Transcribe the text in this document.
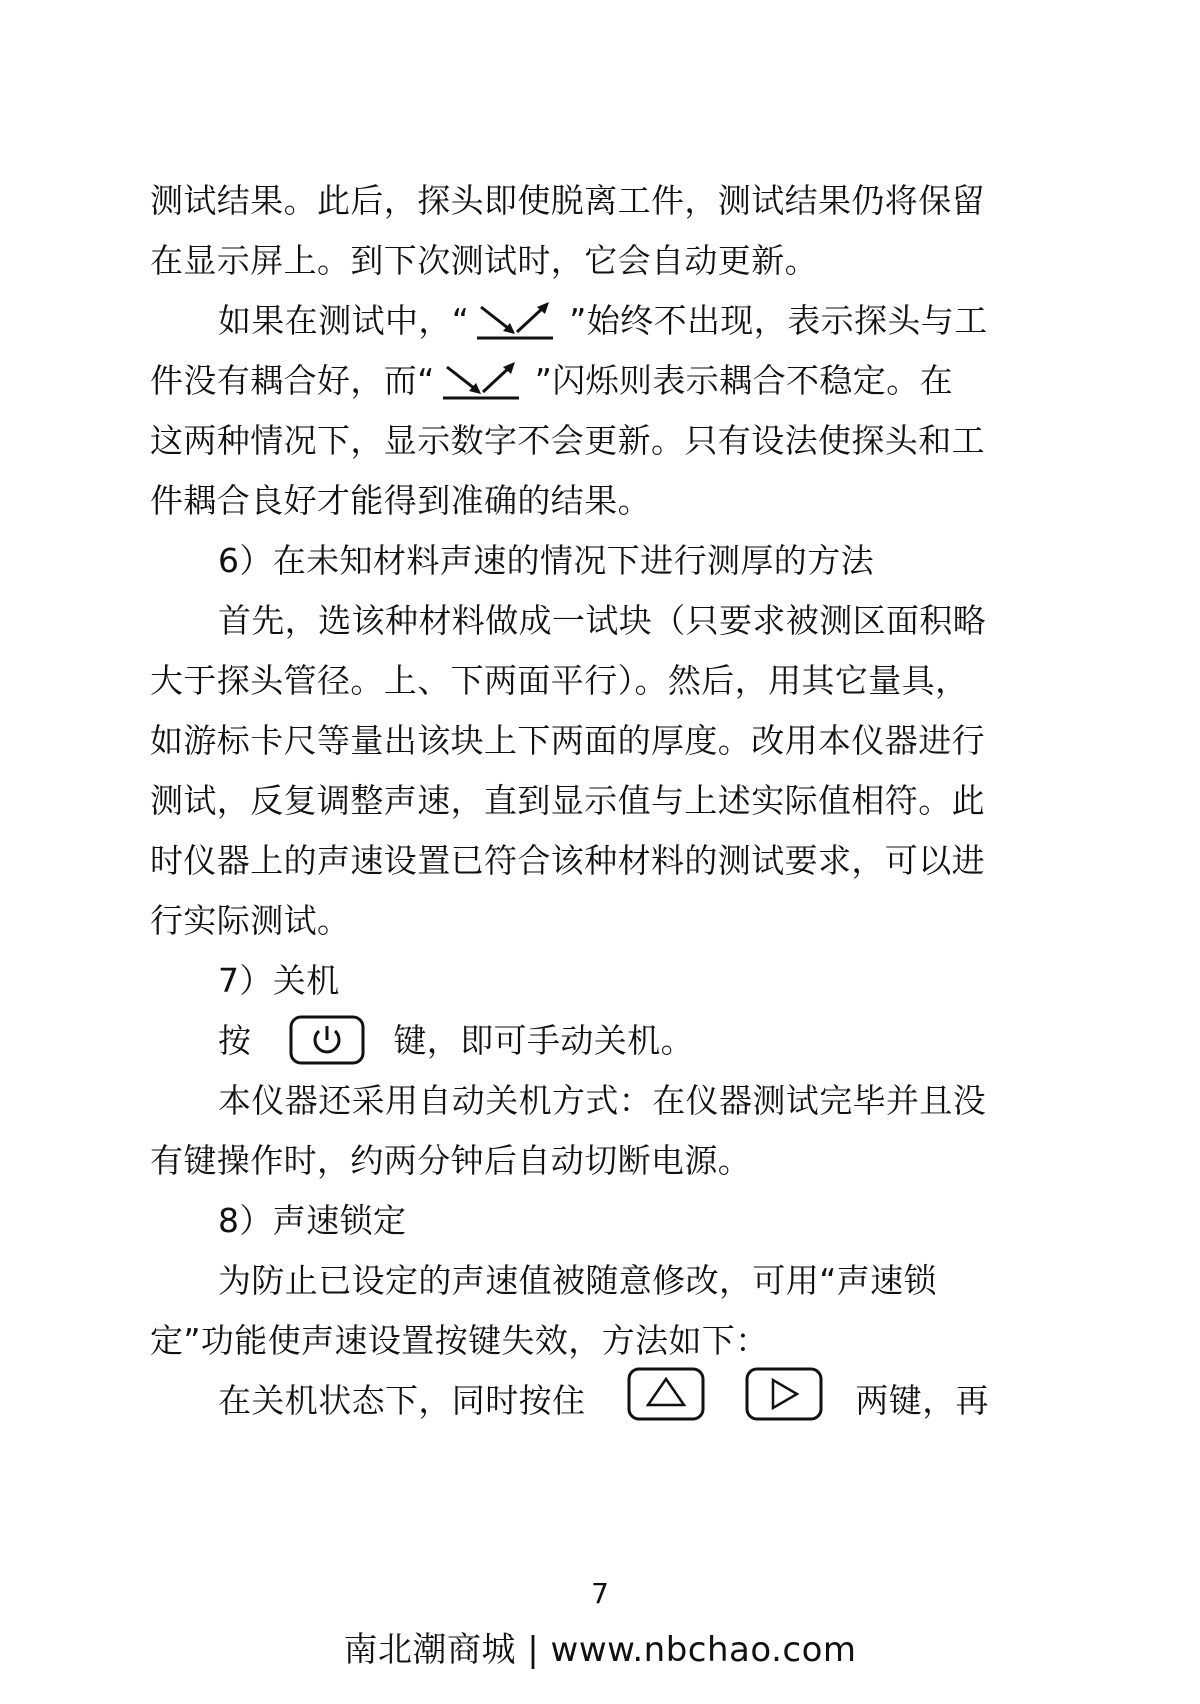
测试结果。此后，探头即使脱离工件，测试结果仍将保留
在显示屏上。到下次测试时，它会自动更新。
如果在测试中，“	”始终不出现，表示探头与工
件没有耦合好，而“	”闪烁则表示耦合不稳定。在
这两种情况下，显示数字不会更新。只有设法使探头和工
件耦合良好才能得到准确的结果。
6）在未知材料声速的情况下进行测厚的方法
首先，选该种材料做成一试块（只要求被测区面积略
大于探头管径。上、下两面平行）。然后，用其它量具，
如游标卡尺等量出该块上下两面的厚度。改用本仪器进行
测试，反复调整声速，直到显示值与上述实际值相符。此
时仪器上的声速设置已符合该种材料的测试要求，可以进
行实际测试。
7）关机
按	键，即可手动关机。
本仪器还采用自动关机方式：在仪器测试完毕并且没
有键操作时，约两分钟后自动切断电源。
8）声速锁定
为防止已设定的声速值被随意修改，可用“声速锁
定”功能使声速设置按键失效，方法如下：
在关机状态下，同时按住	两键，再
7
南北潮商城 | www.nbchao.com
